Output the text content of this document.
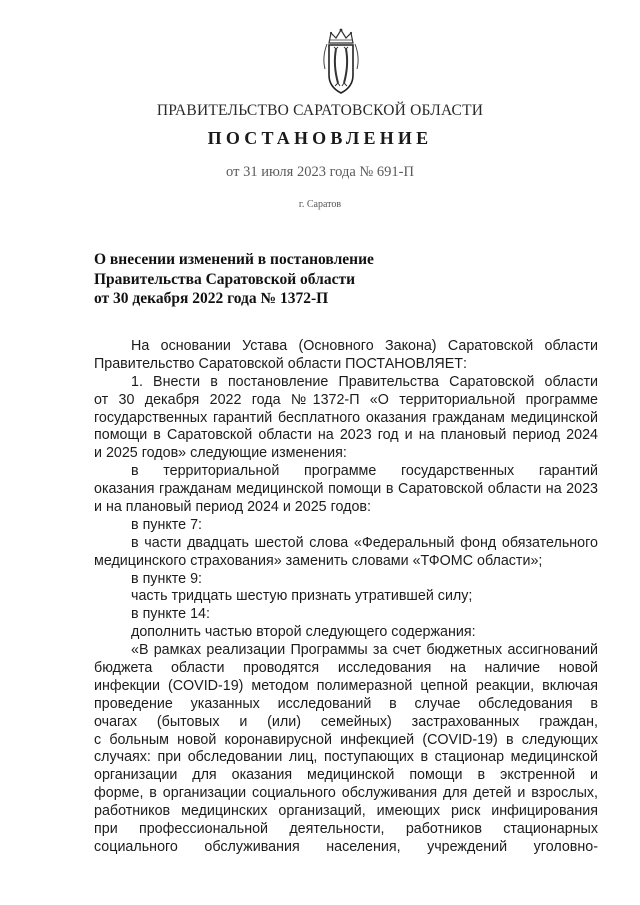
ПРАВИТЕЛЬСТВО САРАТОВСКОЙ ОБЛАСТИ
ПОСТАНОВЛЕНИЕ
от 31 июля 2023 года № 691-П
г. Саратов
О внесении изменений в постановление
Правительства Саратовской области
от 30 декабря 2022 года № 1372-П
На основании Устава (Основного Закона) Саратовской области
Правительство Саратовской области ПОСТАНОВЛЯЕТ:
1. Внести в постановление Правительства Саратовской области
от 30 декабря 2022 года №1372-П «О территориальной программе
государственных гарантий бесплатного оказания гражданам медицинской
помощи в Саратовской области на 2023 год и на плановый период 2024
и 2025 годов» следующие изменения:
в территориальной программе государственных гарантий
оказания гражданам медицинской помощи в Саратовской области на 2023
и на плановый период 2024 и 2025 годов:
в пункте 7:
в части двадцать шестой слова «Федеральный фонд обязательного
медицинского страхования» заменить словами «ТФОМС области»;
в пункте 9:
часть тридцать шестую признать утратившей силу;
в пункте 14:
дополнить частью второй следующего содержания:
«В рамках реализации Программы за счет бюджетных ассигнований
бюджета области проводятся исследования на наличие новой
инфекции (COVID-19) методом полимеразной цепной реакции, включая
проведение указанных исследований в случае обследования в
очагах (бытовых и (или) семейных) застрахованных граждан,
с больным новой коронавирусной инфекцией (COVID-19) в следующих
случаях: при обследовании лиц, поступающих в стационар медицинской
организации для оказания медицинской помощи в экстренной и
форме, в организации социального обслуживания для детей и взрослых,
работников медицинских организаций, имеющих риск инфицирования
при профессиональной деятельности, работников стационарных
социального обслуживания населения, учреждений уголовно-
